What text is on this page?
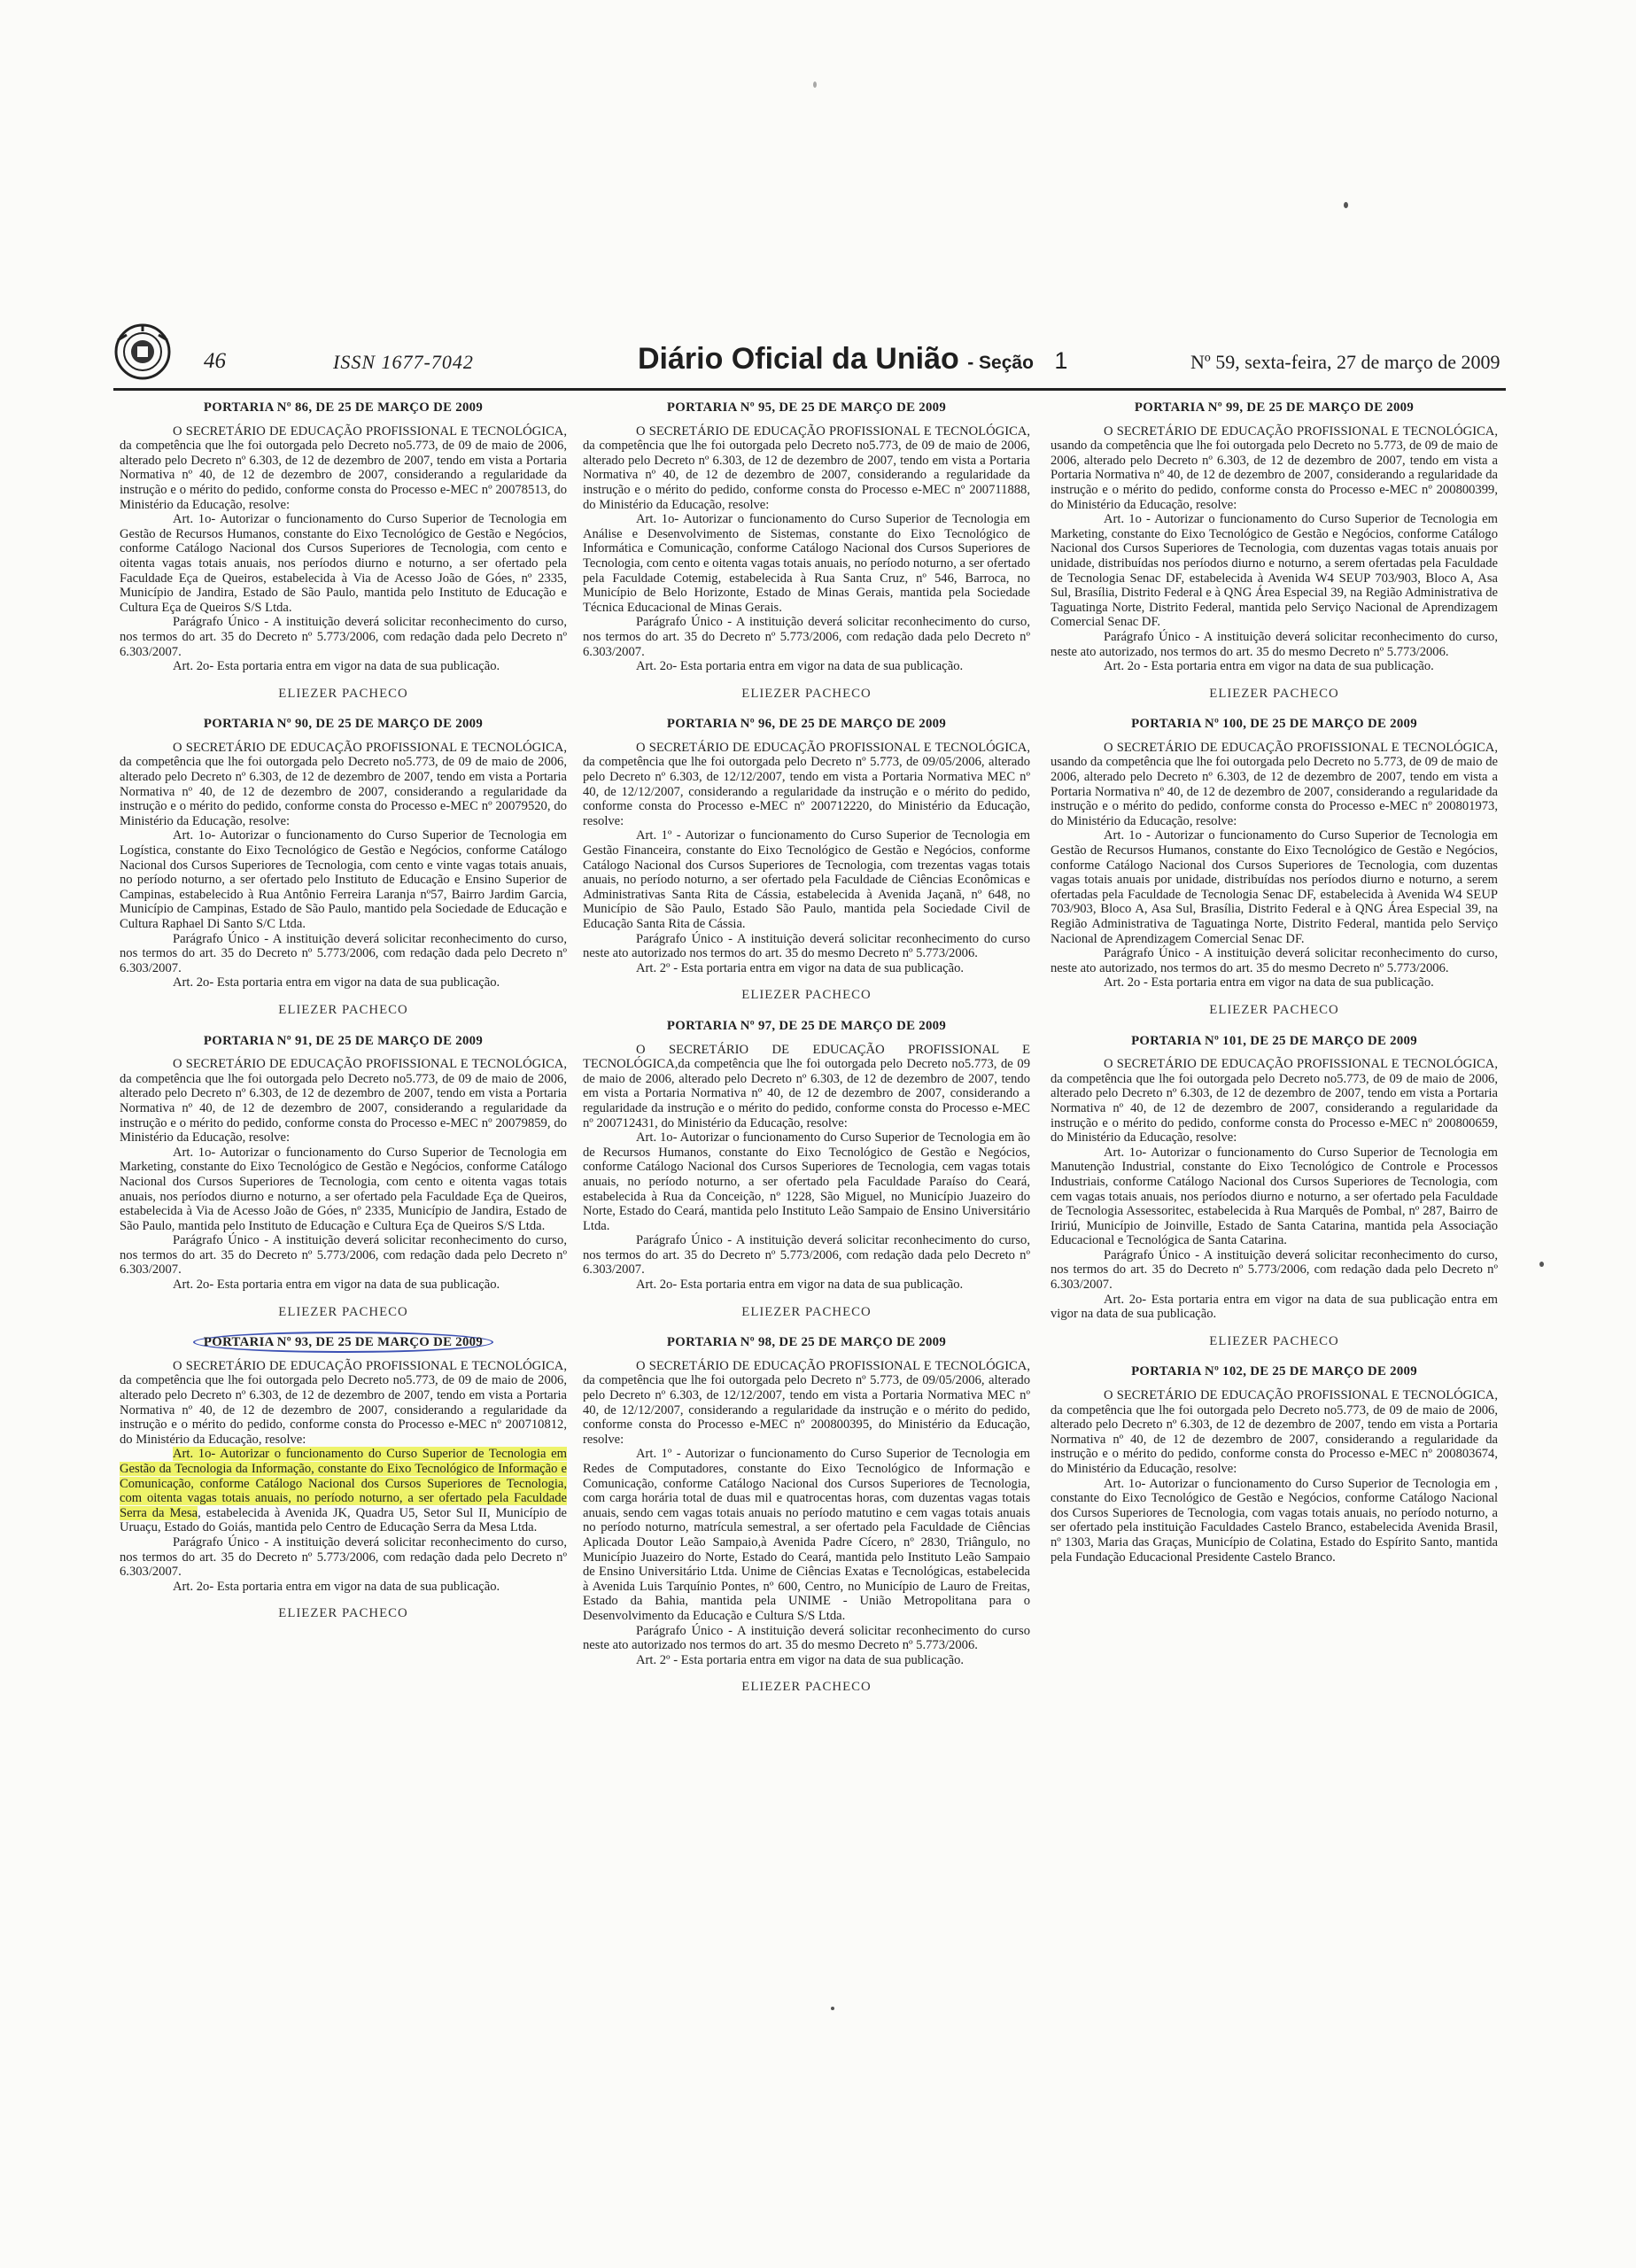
46	ISSN 1677-7042	Diário Oficial da União - Seção 1	Nº 59, sexta-feira, 27 de março de 2009

PORTARIA Nº 86, DE 25 DE MARÇO DE 2009

O SECRETÁRIO DE EDUCAÇÃO PROFISSIONAL E TECNOLÓGICA, da competência que lhe foi outorgada pelo Decreto no5.773, de 09 de maio de 2006, alterado pelo Decreto nº 6.303, de 12 de dezembro de 2007, tendo em vista a Portaria Normativa nº 40, de 12 de dezembro de 2007, considerando a regularidade da instrução e o mérito do pedido, conforme consta do Processo e-MEC nº 20078513, do Ministério da Educação, resolve:

Art. 1o- Autorizar o funcionamento do Curso Superior de Tecnologia em Gestão de Recursos Humanos, constante do Eixo Tecnológico de Gestão e Negócios, conforme Catálogo Nacional dos Cursos Superiores de Tecnologia, com cento e oitenta vagas totais anuais, nos períodos diurno e noturno, a ser ofertado pela Faculdade Eça de Queiros, estabelecida à Via de Acesso João de Góes, nº 2335, Município de Jandira, Estado de São Paulo, mantida pelo Instituto de Educação e Cultura Eça de Queiros S/S Ltda.

Parágrafo Único - A instituição deverá solicitar reconhecimento do curso, nos termos do art. 35 do Decreto nº 5.773/2006, com redação dada pelo Decreto nº 6.303/2007.

Art. 2o- Esta portaria entra em vigor na data de sua publicação.

ELIEZER PACHECO

PORTARIA Nº 90, DE 25 DE MARÇO DE 2009

O SECRETÁRIO DE EDUCAÇÃO PROFISSIONAL E TECNOLÓGICA, da competência que lhe foi outorgada pelo Decreto no5.773, de 09 de maio de 2006, alterado pelo Decreto nº 6.303, de 12 de dezembro de 2007, tendo em vista a Portaria Normativa nº 40, de 12 de dezembro de 2007, considerando a regularidade da instrução e o mérito do pedido, conforme consta do Processo e-MEC nº 20079520, do Ministério da Educação, resolve:

Art. 1o- Autorizar o funcionamento do Curso Superior de Tecnologia em Logística, constante do Eixo Tecnológico de Gestão e Negócios, conforme Catálogo Nacional dos Cursos Superiores de Tecnologia, com cento e vinte vagas totais anuais, no período noturno, a ser ofertado pelo Instituto de Educação e Ensino Superior de Campinas, estabelecido à Rua Antônio Ferreira Laranja nº57, Bairro Jardim Garcia, Município de Campinas, Estado de São Paulo, mantido pela Sociedade de Educação e Cultura Raphael Di Santo S/C Ltda.

Parágrafo Único - A instituição deverá solicitar reconhecimento do curso, nos termos do art. 35 do Decreto nº 5.773/2006, com redação dada pelo Decreto nº 6.303/2007.

Art. 2o- Esta portaria entra em vigor na data de sua publicação.

ELIEZER PACHECO

PORTARIA Nº 91, DE 25 DE MARÇO DE 2009

O SECRETÁRIO DE EDUCAÇÃO PROFISSIONAL E TECNOLÓGICA, da competência que lhe foi outorgada pelo Decreto no5.773, de 09 de maio de 2006, alterado pelo Decreto nº 6.303, de 12 de dezembro de 2007, tendo em vista a Portaria Normativa nº 40, de 12 de dezembro de 2007, considerando a regularidade da instrução e o mérito do pedido, conforme consta do Processo e-MEC nº 20079859, do Ministério da Educação, resolve:

Art. 1o- Autorizar o funcionamento do Curso Superior de Tecnologia em Marketing, constante do Eixo Tecnológico de Gestão e Negócios, conforme Catálogo Nacional dos Cursos Superiores de Tecnologia, com cento e oitenta vagas totais anuais, nos períodos diurno e noturno, a ser ofertado pela Faculdade Eça de Queiros, estabelecida à Via de Acesso João de Góes, nº 2335, Município de Jandira, Estado de São Paulo, mantida pelo Instituto de Educação e Cultura Eça de Queiros S/S Ltda.

Parágrafo Único - A instituição deverá solicitar reconhecimento do curso, nos termos do art. 35 do Decreto nº 5.773/2006, com redação dada pelo Decreto nº 6.303/2007.

Art. 2o- Esta portaria entra em vigor na data de sua publicação.

ELIEZER PACHECO

PORTARIA Nº 93, DE 25 DE MARÇO DE 2009

O SECRETÁRIO DE EDUCAÇÃO PROFISSIONAL E TECNOLÓGICA, da competência que lhe foi outorgada pelo Decreto no5.773, de 09 de maio de 2006, alterado pelo Decreto nº 6.303, de 12 de dezembro de 2007, tendo em vista a Portaria Normativa nº 40, de 12 de dezembro de 2007, considerando a regularidade da instrução e o mérito do pedido, conforme consta do Processo e-MEC nº 200710812, do Ministério da Educação, resolve:

Art. 1o- Autorizar o funcionamento do Curso Superior de Tecnologia em Gestão da Tecnologia da Informação, constante do Eixo Tecnológico de Informação e Comunicação, conforme Catálogo Nacional dos Cursos Superiores de Tecnologia, com oitenta vagas totais anuais, no período noturno, a ser ofertado pela Faculdade Serra da Mesa, estabelecida à Avenida JK, Quadra U5, Setor Sul II, Município de Uruaçu, Estado do Goiás, mantida pelo Centro de Educação Serra da Mesa Ltda.

Parágrafo Único - A instituição deverá solicitar reconhecimento do curso, nos termos do art. 35 do Decreto nº 5.773/2006, com redação dada pelo Decreto nº 6.303/2007.

Art. 2o- Esta portaria entra em vigor na data de sua publicação.

ELIEZER PACHECO

PORTARIA Nº 95, DE 25 DE MARÇO DE 2009

O SECRETÁRIO DE EDUCAÇÃO PROFISSIONAL E TECNOLÓGICA, da competência que lhe foi outorgada pelo Decreto no5.773, de 09 de maio de 2006, alterado pelo Decreto nº 6.303, de 12 de dezembro de 2007, tendo em vista a Portaria Normativa nº 40, de 12 de dezembro de 2007, considerando a regularidade da instrução e o mérito do pedido, conforme consta do Processo e-MEC nº 200711888, do Ministério da Educação, resolve:

Art. 1o- Autorizar o funcionamento do Curso Superior de Tecnologia em Análise e Desenvolvimento de Sistemas, constante do Eixo Tecnológico de Informática e Comunicação, conforme Catálogo Nacional dos Cursos Superiores de Tecnologia, com cento e oitenta vagas totais anuais, no período noturno, a ser ofertado pela Faculdade Cotemig, estabelecida à Rua Santa Cruz, nº 546, Barroca, no Município de Belo Horizonte, Estado de Minas Gerais, mantida pela Sociedade Técnica Educacional de Minas Gerais.

Parágrafo Único - A instituição deverá solicitar reconhecimento do curso, nos termos do art. 35 do Decreto nº 5.773/2006, com redação dada pelo Decreto nº 6.303/2007.

Art. 2o- Esta portaria entra em vigor na data de sua publicação.

ELIEZER PACHECO

PORTARIA Nº 96, DE 25 DE MARÇO DE 2009

O SECRETÁRIO DE EDUCAÇÃO PROFISSIONAL E TECNOLÓGICA, da competência que lhe foi outorgada pelo Decreto nº 5.773, de 09/05/2006, alterado pelo Decreto nº 6.303, de 12/12/2007, tendo em vista a Portaria Normativa MEC nº 40, de 12/12/2007, considerando a regularidade da instrução e o mérito do pedido, conforme consta do Processo e-MEC nº 200712220, do Ministério da Educação, resolve:

Art. 1º - Autorizar o funcionamento do Curso Superior de Tecnologia em Gestão Financeira, constante do Eixo Tecnológico de Gestão e Negócios, conforme Catálogo Nacional dos Cursos Superiores de Tecnologia, com trezentas vagas totais anuais, no período noturno, a ser ofertado pela Faculdade de Ciências Econômicas e Administrativas Santa Rita de Cássia, estabelecida à Avenida Jaçanã, nº 648, no Município de São Paulo, Estado São Paulo, mantida pela Sociedade Civil de Educação Santa Rita de Cássia.

Parágrafo Único - A instituição deverá solicitar reconhecimento do curso neste ato autorizado nos termos do art. 35 do mesmo Decreto nº 5.773/2006.

Art. 2º - Esta portaria entra em vigor na data de sua publicação.

ELIEZER PACHECO

PORTARIA Nº 97, DE 25 DE MARÇO DE 2009

O SECRETÁRIO DE EDUCAÇÃO PROFISSIONAL E TECNOLÓGICA,da competência que lhe foi outorgada pelo Decreto no5.773, de 09 de maio de 2006, alterado pelo Decreto nº 6.303, de 12 de dezembro de 2007, tendo em vista a Portaria Normativa nº 40, de 12 de dezembro de 2007, considerando a regularidade da instrução e o mérito do pedido, conforme consta do Processo e-MEC nº 200712431, do Ministério da Educação, resolve:

Art. 1o- Autorizar o funcionamento do Curso Superior de Tecnologia em ão de Recursos Humanos, constante do Eixo Tecnológico de Gestão e Negócios, conforme Catálogo Nacional dos Cursos Superiores de Tecnologia, cem vagas totais anuais, no período noturno, a ser ofertado pela Faculdade Paraíso do Ceará, estabelecida à Rua da Conceição, nº 1228, São Miguel, no Município Juazeiro do Norte, Estado do Ceará, mantida pelo Instituto Leão Sampaio de Ensino Universitário Ltda.

Parágrafo Único - A instituição deverá solicitar reconhecimento do curso, nos termos do art. 35 do Decreto nº 5.773/2006, com redação dada pelo Decreto nº 6.303/2007.

Art. 2o- Esta portaria entra em vigor na data de sua publicação.

ELIEZER PACHECO

PORTARIA Nº 98, DE 25 DE MARÇO DE 2009

O SECRETÁRIO DE EDUCAÇÃO PROFISSIONAL E TECNOLÓGICA, da competência que lhe foi outorgada pelo Decreto nº 5.773, de 09/05/2006, alterado pelo Decreto nº 6.303, de 12/12/2007, tendo em vista a Portaria Normativa MEC nº 40, de 12/12/2007, considerando a regularidade da instrução e o mérito do pedido, conforme consta do Processo e-MEC nº 200800395, do Ministério da Educação, resolve:

Art. 1º - Autorizar o funcionamento do Curso Superior de Tecnologia em Redes de Computadores, constante do Eixo Tecnológico de Informação e Comunicação, conforme Catálogo Nacional dos Cursos Superiores de Tecnologia, com carga horária total de duas mil e quatrocentas horas, com duzentas vagas totais anuais, sendo cem vagas totais anuais no período matutino e cem vagas totais anuais no período noturno, matrícula semestral, a ser ofertado pela Faculdade de Ciências Aplicada Doutor Leão Sampaio,à Avenida Padre Cícero, nº 2830, Triângulo, no Município Juazeiro do Norte, Estado do Ceará, mantida pelo Instituto Leão Sampaio de Ensino Universitário Ltda. Unime de Ciências Exatas e Tecnológicas, estabelecida à Avenida Luis Tarquínio Pontes, nº 600, Centro, no Município de Lauro de Freitas, Estado da Bahia, mantida pela UNIME - União Metropolitana para o Desenvolvimento da Educação e Cultura S/S Ltda.

Parágrafo Único - A instituição deverá solicitar reconhecimento do curso neste ato autorizado nos termos do art. 35 do mesmo Decreto nº 5.773/2006.

Art. 2º - Esta portaria entra em vigor na data de sua publicação.

ELIEZER PACHECO

PORTARIA Nº 99, DE 25 DE MARÇO DE 2009

O SECRETÁRIO DE EDUCAÇÃO PROFISSIONAL E TECNOLÓGICA, usando da competência que lhe foi outorgada pelo Decreto no 5.773, de 09 de maio de 2006, alterado pelo Decreto nº 6.303, de 12 de dezembro de 2007, tendo em vista a Portaria Normativa nº 40, de 12 de dezembro de 2007, considerando a regularidade da instrução e o mérito do pedido, conforme consta do Processo e-MEC nº 200800399, do Ministério da Educação, resolve:

Art. 1o - Autorizar o funcionamento do Curso Superior de Tecnologia em Marketing, constante do Eixo Tecnológico de Gestão e Negócios, conforme Catálogo Nacional dos Cursos Superiores de Tecnologia, com duzentas vagas totais anuais por unidade, distribuídas nos períodos diurno e noturno, a serem ofertadas pela Faculdade de Tecnologia Senac DF, estabelecida à Avenida W4 SEUP 703/903, Bloco A, Asa Sul, Brasília, Distrito Federal e à QNG Área Especial 39, na Região Administrativa de Taguatinga Norte, Distrito Federal, mantida pelo Serviço Nacional de Aprendizagem Comercial Senac DF.

Parágrafo Único - A instituição deverá solicitar reconhecimento do curso, neste ato autorizado, nos termos do art. 35 do mesmo Decreto nº 5.773/2006.

Art. 2o - Esta portaria entra em vigor na data de sua publicação.

ELIEZER PACHECO

PORTARIA Nº 100, DE 25 DE MARÇO DE 2009

O SECRETÁRIO DE EDUCAÇÃO PROFISSIONAL E TECNOLÓGICA, usando da competência que lhe foi outorgada pelo Decreto no 5.773, de 09 de maio de 2006, alterado pelo Decreto nº 6.303, de 12 de dezembro de 2007, tendo em vista a Portaria Normativa nº 40, de 12 de dezembro de 2007, considerando a regularidade da instrução e o mérito do pedido, conforme consta do Processo e-MEC nº 200801973, do Ministério da Educação, resolve:

Art. 1o - Autorizar o funcionamento do Curso Superior de Tecnologia em Gestão de Recursos Humanos, constante do Eixo Tecnológico de Gestão e Negócios, conforme Catálogo Nacional dos Cursos Superiores de Tecnologia, com duzentas vagas totais anuais por unidade, distribuídas nos períodos diurno e noturno, a serem ofertadas pela Faculdade de Tecnologia Senac DF, estabelecida à Avenida W4 SEUP 703/903, Bloco A, Asa Sul, Brasília, Distrito Federal e à QNG Área Especial 39, na Região Administrativa de Taguatinga Norte, Distrito Federal, mantida pelo Serviço Nacional de Aprendizagem Comercial Senac DF.

Parágrafo Único - A instituição deverá solicitar reconhecimento do curso, neste ato autorizado, nos termos do art. 35 do mesmo Decreto nº 5.773/2006.

Art. 2o - Esta portaria entra em vigor na data de sua publicação.

ELIEZER PACHECO

PORTARIA Nº 101, DE 25 DE MARÇO DE 2009

O SECRETÁRIO DE EDUCAÇÃO PROFISSIONAL E TECNOLÓGICA, da competência que lhe foi outorgada pelo Decreto no5.773, de 09 de maio de 2006, alterado pelo Decreto nº 6.303, de 12 de dezembro de 2007, tendo em vista a Portaria Normativa nº 40, de 12 de dezembro de 2007, considerando a regularidade da instrução e o mérito do pedido, conforme consta do Processo e-MEC nº 200800659, do Ministério da Educação, resolve:

Art. 1o- Autorizar o funcionamento do Curso Superior de Tecnologia em Manutenção Industrial, constante do Eixo Tecnológico de Controle e Processos Industriais, conforme Catálogo Nacional dos Cursos Superiores de Tecnologia, com cem vagas totais anuais, nos períodos diurno e noturno, a ser ofertado pela Faculdade de Tecnologia Assessoritec, estabelecida à Rua Marquês de Pombal, nº 287, Bairro de Iririú, Município de Joinville, Estado de Santa Catarina, mantida pela Associação Educacional e Tecnológica de Santa Catarina.

Parágrafo Único - A instituição deverá solicitar reconhecimento do curso, nos termos do art. 35 do Decreto nº 5.773/2006, com redação dada pelo Decreto nº 6.303/2007.

Art. 2o- Esta portaria entra em vigor na data de sua publicação entra em vigor na data de sua publicação.

ELIEZER PACHECO

PORTARIA Nº 102, DE 25 DE MARÇO DE 2009

O SECRETÁRIO DE EDUCAÇÃO PROFISSIONAL E TECNOLÓGICA, da competência que lhe foi outorgada pelo Decreto no5.773, de 09 de maio de 2006, alterado pelo Decreto nº 6.303, de 12 de dezembro de 2007, tendo em vista a Portaria Normativa nº 40, de 12 de dezembro de 2007, considerando a regularidade da instrução e o mérito do pedido, conforme consta do Processo e-MEC nº 200803674, do Ministério da Educação, resolve:

Art. 1o- Autorizar o funcionamento do Curso Superior de Tecnologia em , constante do Eixo Tecnológico de Gestão e Negócios, conforme Catálogo Nacional dos Cursos Superiores de Tecnologia, com vagas totais anuais, no período noturno, a ser ofertado pela instituição Faculdades Castelo Branco, estabelecida Avenida Brasil, nº 1303, Maria das Graças, Município de Colatina, Estado do Espírito Santo, mantida pela Fundação Educacional Presidente Castelo Branco.
